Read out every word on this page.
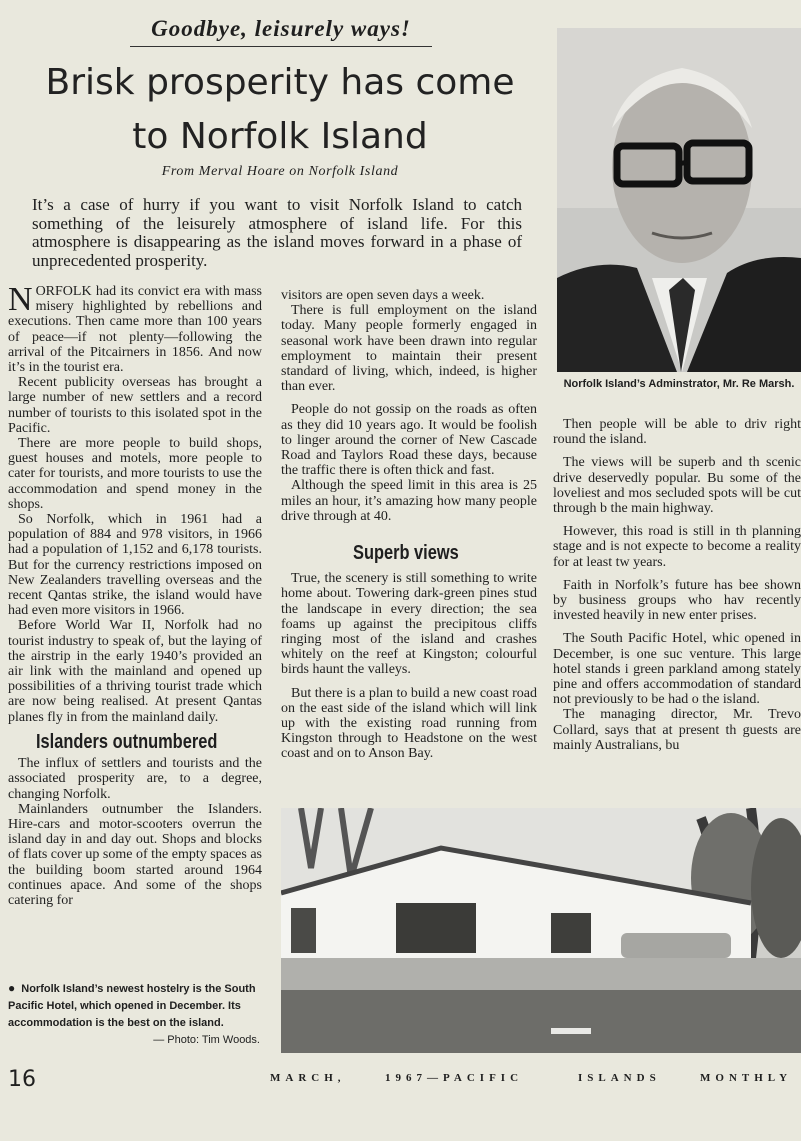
Goodbye, leisurely ways!
Brisk prosperity has come
to Norfolk Island
From Merval Hoare on Norfolk Island
It’s a case of hurry if you want to visit Norfolk Island to catch something of the leisurely atmosphere of island life. For this atmosphere is disappearing as the island moves forward in a phase of unprecedented prosperity.
Norfolk Island’s Adminstrator, Mr. Re Marsh.

NORFOLK had its convict era with mass misery highlighted by rebellions and executions. Then came more than 100 years of peace—if not plenty—following the arrival of the Pitcairners in 1856. And now it’s in the tourist era.

Recent publicity overseas has brought a large number of new settlers and a record number of tourists to this isolated spot in the Pacific.

There are more people to build shops, guest houses and motels, more people to cater for tourists, and more tourists to use the accommodation and spend money in the shops.

So Norfolk, which in 1961 had a population of 884 and 978 visitors, in 1966 had a population of 1,152 and 6,178 tourists. But for the currency restrictions imposed on New Zealanders travelling overseas and the recent Qantas strike, the island would have had even more visitors in 1966.

Before World War II, Norfolk had no tourist industry to speak of, but the laying of the airstrip in the early 1940’s provided an air link with the mainland and opened up possibilities of a thriving tourist trade which are now being realised. At present Qantas planes fly in from the mainland daily.

Islanders outnumbered

The influx of settlers and tourists and the associated prosperity are, to a degree, changing Norfolk.

Mainlanders outnumber the Islanders. Hire-cars and motor-scooters overrun the island day in and day out. Shops and blocks of flats cover up some of the empty spaces as the building boom started around 1964 continues apace. And some of the shops catering for

● Norfolk Island’s newest hostelry is the South Pacific Hotel, which opened in December. Its accommodation is the best on the island.
— Photo: Tim Woods.

visitors are open seven days a week.

There is full employment on the island today. Many people formerly engaged in seasonal work have been drawn into regular employment to maintain their present standard of living, which, indeed, is higher than ever.

People do not gossip on the roads as often as they did 10 years ago. It would be foolish to linger around the corner of New Cascade Road and Taylors Road these days, because the traffic there is often thick and fast.

Although the speed limit in this area is 25 miles an hour, it’s amazing how many people drive through at 40.

Superb views

True, the scenery is still something to write home about. Towering dark-green pines stud the landscape in every direction; the sea foams up against the precipitous cliffs ringing most of the island and crashes whitely on the reef at Kingston; colourful birds haunt the valleys.

But there is a plan to build a new coast road on the east side of the island which will link up with the existing road running from Kingston through to Headstone on the west coast and on to Anson Bay.

Then people will be able to driv right round the island.

The views will be superb and th scenic drive deservedly popular. Bu some of the loveliest and mos secluded spots will be cut through b the main highway.

However, this road is still in th planning stage and is not expecte to become a reality for at least tw years.

Faith in Norfolk’s future has bee shown by business groups who hav recently invested heavily in new enter prises.

The South Pacific Hotel, whic opened in December, is one suc venture. This large hotel stands i green parkland among stately pine and offers accommodation of standard not previously to be had o the island.

The managing director, Mr. Trevo Collard, says that at present th guests are mainly Australians, bu

16	MARCH,	1967—PACIFIC	ISLANDS	MONTHLY
